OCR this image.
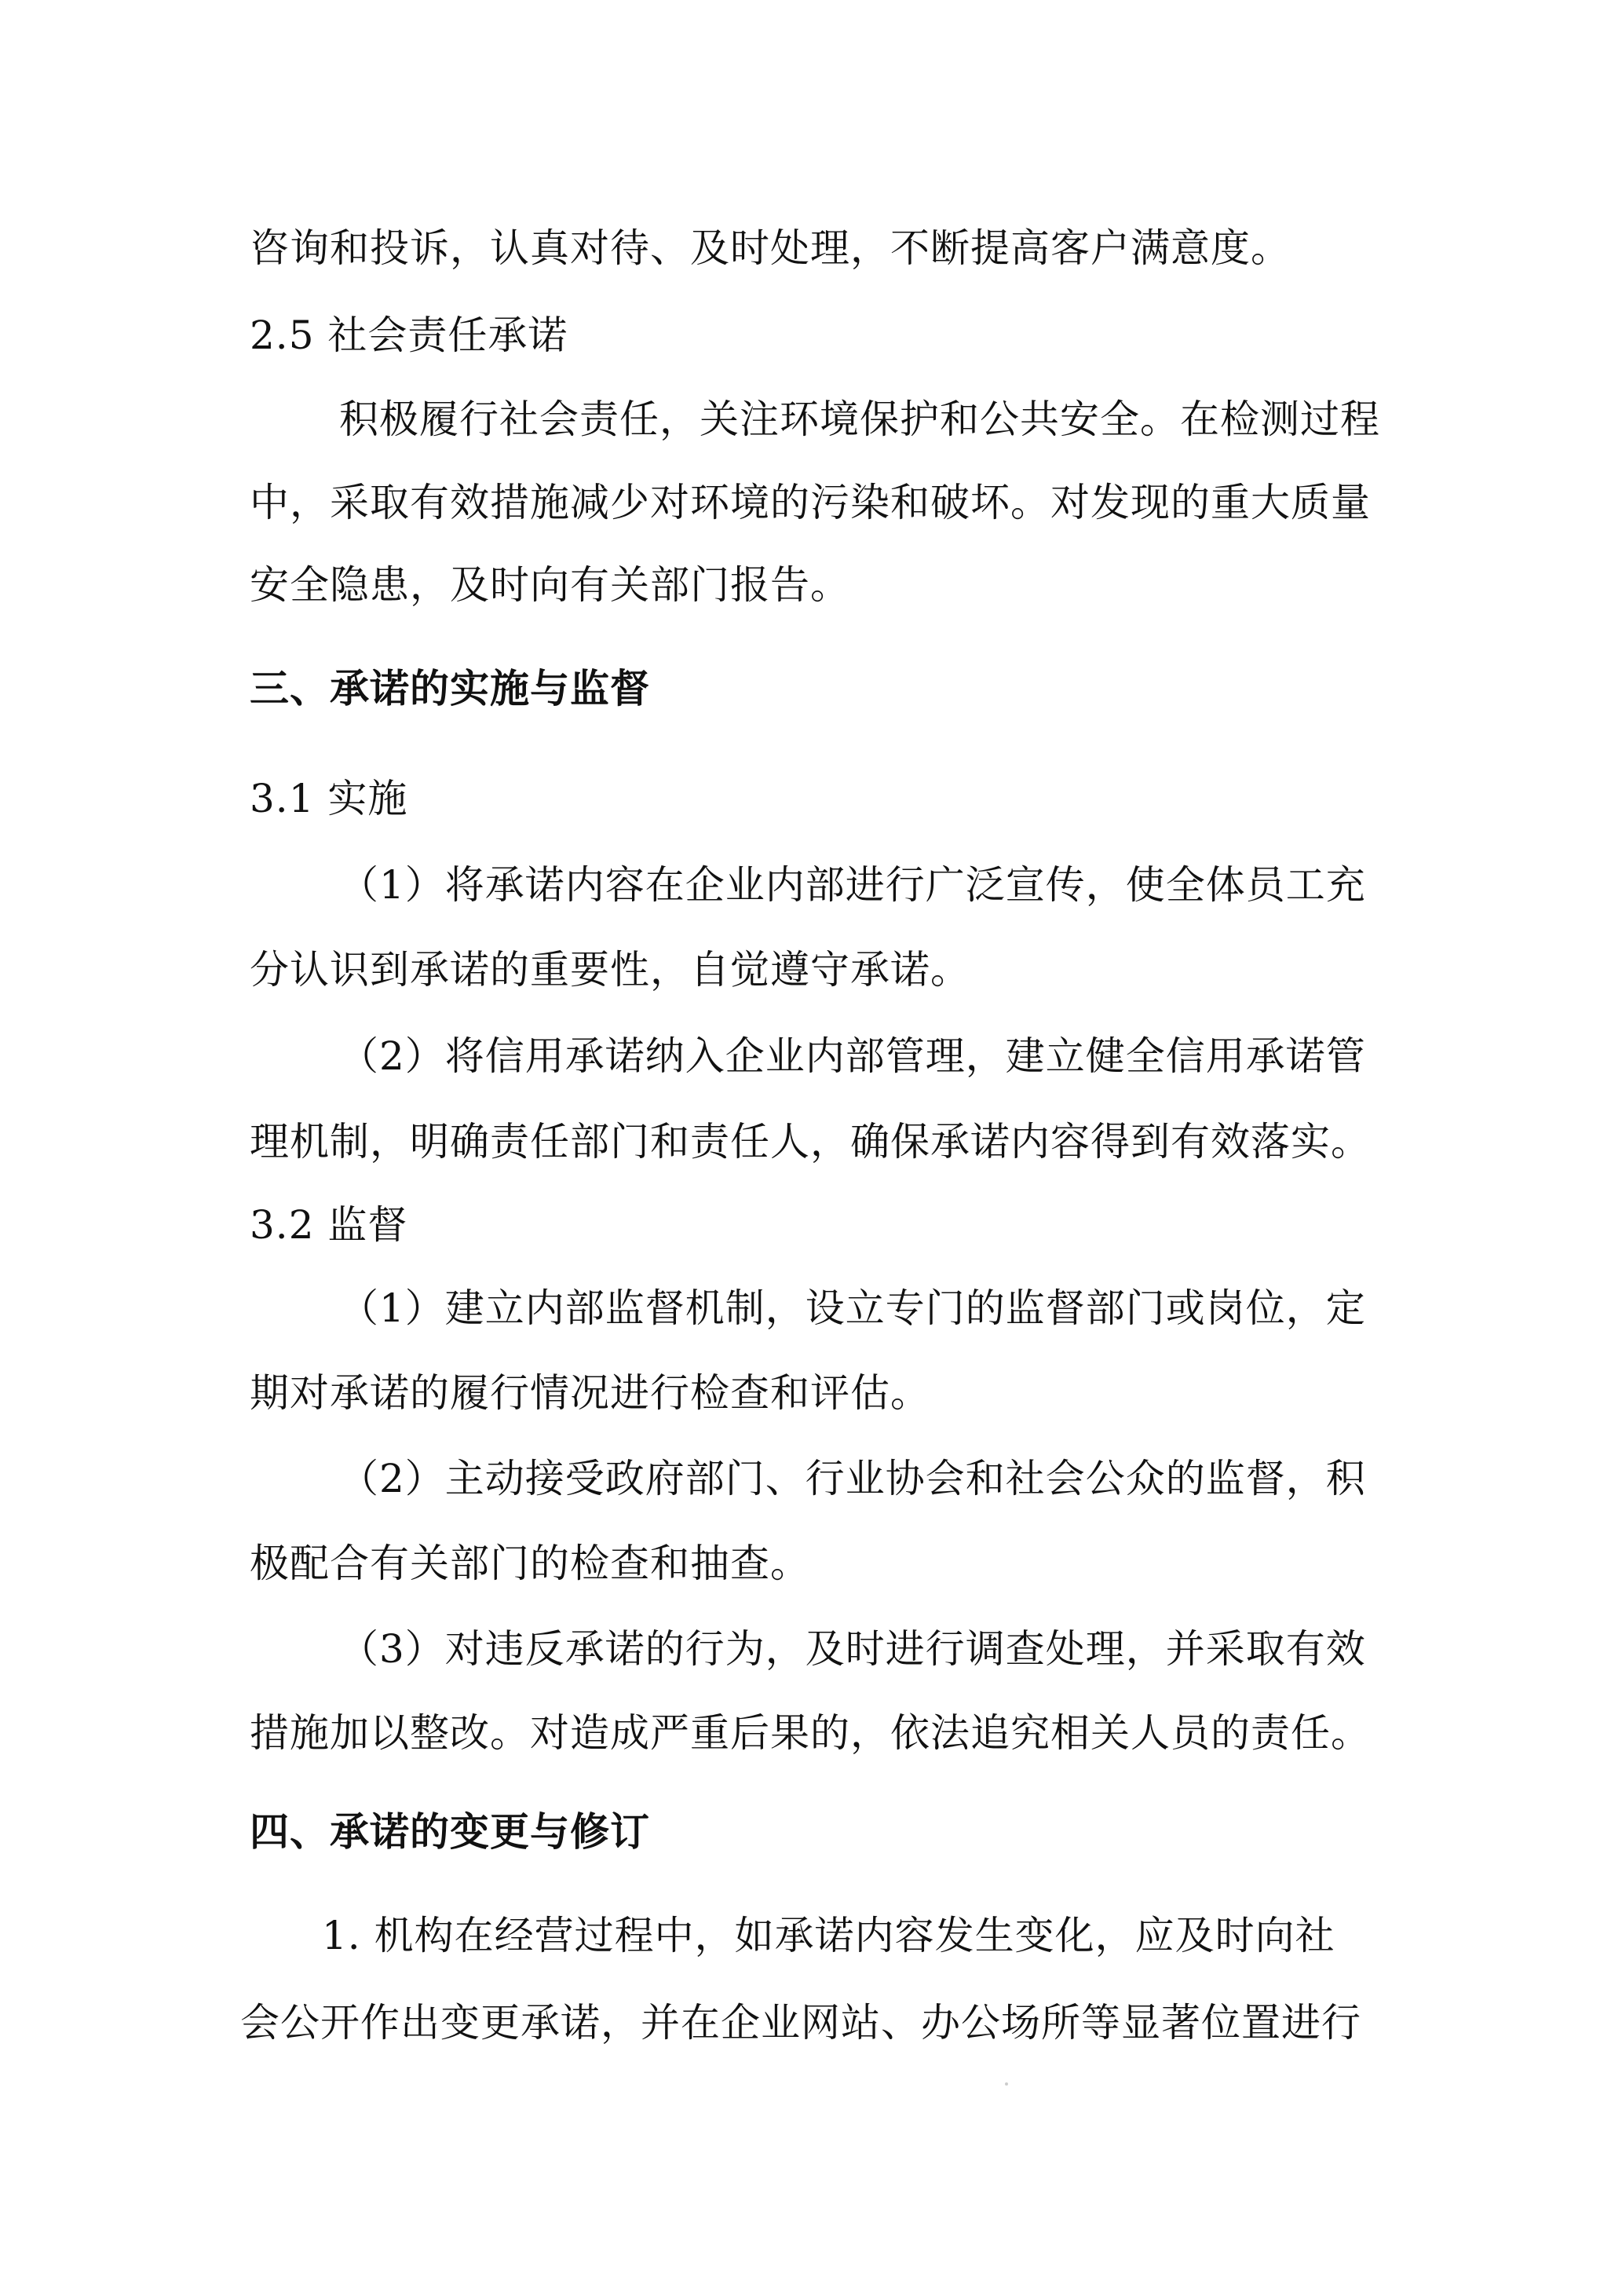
咨询和投诉，认真对待、及时处理，不断提高客户满意度。
2.5 社会责任承诺
积极履行社会责任，关注环境保护和公共安全。在检测过程
中，采取有效措施减少对环境的污染和破坏。对发现的重大质量
安全隐患，及时向有关部门报告。
三、承诺的实施与监督
3.1 实施
（1）将承诺内容在企业内部进行广泛宣传，使全体员工充
分认识到承诺的重要性，自觉遵守承诺。
（2）将信用承诺纳入企业内部管理，建立健全信用承诺管
理机制，明确责任部门和责任人，确保承诺内容得到有效落实。
3.2 监督
（1）建立内部监督机制，设立专门的监督部门或岗位，定
期对承诺的履行情况进行检查和评估。
（2）主动接受政府部门、行业协会和社会公众的监督，积
极配合有关部门的检查和抽查。
（3）对违反承诺的行为，及时进行调查处理，并采取有效
措施加以整改。对造成严重后果的，依法追究相关人员的责任。
四、承诺的变更与修订
1. 机构在经营过程中，如承诺内容发生变化，应及时向社
会公开作出变更承诺，并在企业网站、办公场所等显著位置进行
